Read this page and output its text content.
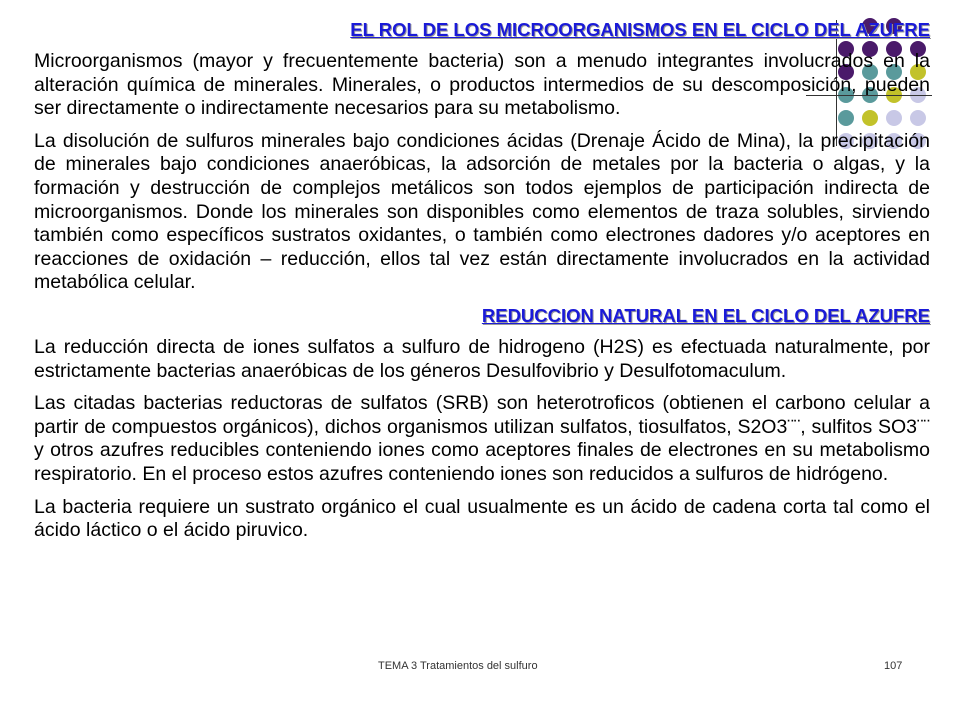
EL ROL DE LOS MICROORGANISMOS EN EL CICLO DEL AZUFRE
Microorganismos (mayor y frecuentemente bacteria) son a menudo integrantes involucrados en la alteración química de minerales. Minerales, o productos intermedios de su descomposición, pueden ser directamente o indirectamente necesarios para su metabolismo.
La disolución de sulfuros minerales bajo condiciones ácidas (Drenaje Ácido de Mina), la precipitación de minerales bajo condiciones anaeróbicas, la adsorción de metales por la bacteria o algas, y la formación y destrucción de complejos metálicos son todos ejemplos de participación indirecta de microorganismos. Donde los minerales son disponibles como elementos de traza solubles, sirviendo también como específicos sustratos oxidantes, o también como electrones dadores y/o aceptores en reacciones de oxidación – reducción, ellos tal vez están directamente involucrados en la actividad metabólica celular.
REDUCCION NATURAL EN EL CICLO DEL AZUFRE
La reducción directa de iones sulfatos a sulfuro de hidrogeno (H2S) es efectuada naturalmente, por estrictamente bacterias anaeróbicas de los géneros Desulfovibrio y Desulfotomaculum.
Las citadas bacterias reductoras de sulfatos (SRB) son heterotroficos (obtienen el carbono celular a partir de compuestos orgánicos), dichos organismos utilizan sulfatos, tiosulfatos, S2O3¨¨, sulfitos SO3¨¨ y otros azufres reducibles conteniendo iones como aceptores finales de electrones en su metabolismo respiratorio. En el proceso estos azufres conteniendo iones son reducidos a sulfuros de hidrógeno.
La bacteria requiere un sustrato orgánico el cual usualmente es un ácido de cadena corta tal como el ácido láctico o el ácido piruvico.
TEMA 3 Tratamientos del sulfuro	107
